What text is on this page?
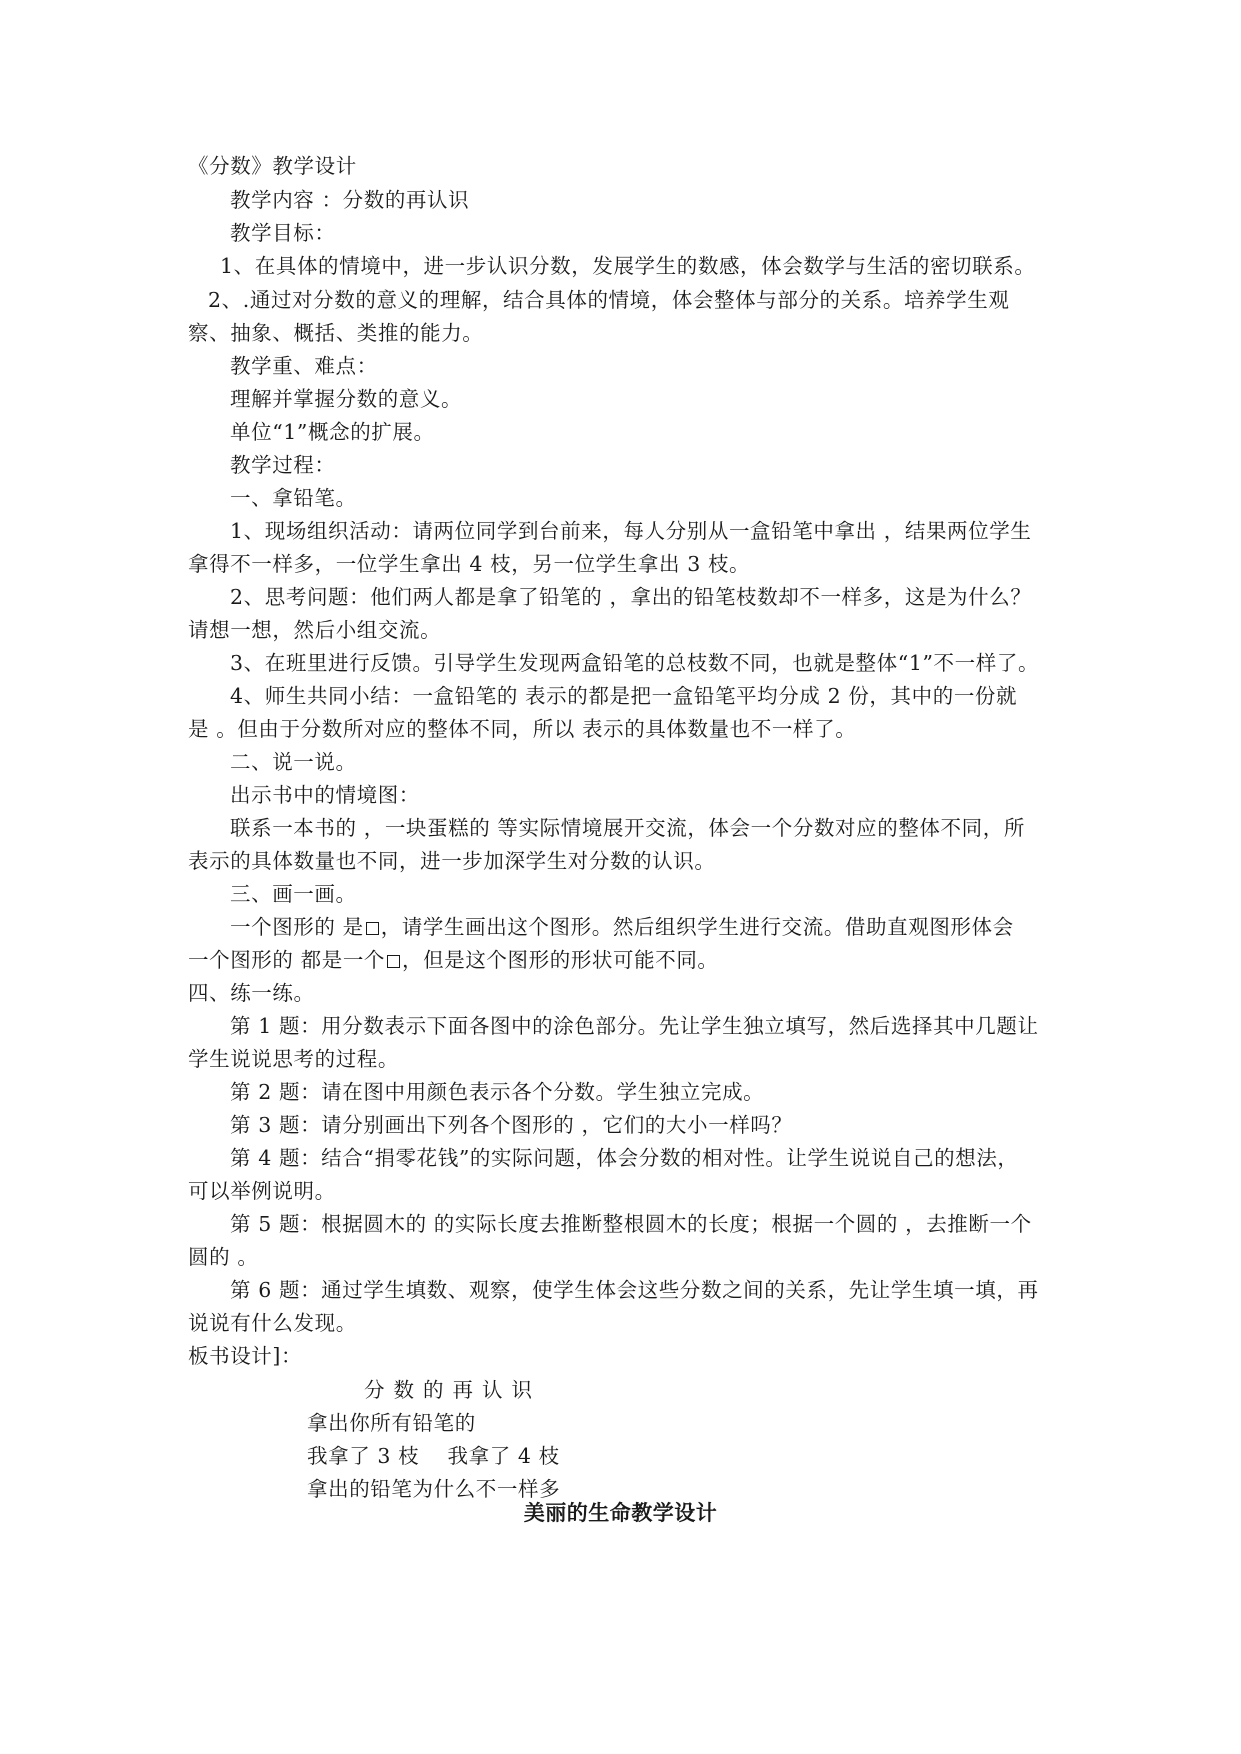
《分数》教学设计
教学内容 ：分数的再认识
教学目标：
1、在具体的情境中，进一步认识分数，发展学生的数感，体会数学与生活的密切联系。
2、.通过对分数的意义的理解，结合具体的情境，体会整体与部分的关系。培养学生观
察、抽象、概括、类推的能力。
教学重、难点：
理解并掌握分数的意义。
单位“1”概念的扩展。
教学过程：
一、拿铅笔。
1、现场组织活动：请两位同学到台前来，每人分别从一盒铅笔中拿出 ，结果两位学生
拿得不一样多，一位学生拿出 4 枝，另一位学生拿出 3 枝。
2、思考问题：他们两人都是拿了铅笔的 ，拿出的铅笔枝数却不一样多，这是为什么？
请想一想，然后小组交流。
3、在班里进行反馈。引导学生发现两盒铅笔的总枝数不同，也就是整体“1”不一样了。
4、师生共同小结：一盒铅笔的 表示的都是把一盒铅笔平均分成 2 份，其中的一份就
是 。但由于分数所对应的整体不同，所以 表示的具体数量也不一样了。
二、说一说。
出示书中的情境图：
联系一本书的 ，一块蛋糕的 等实际情境展开交流，体会一个分数对应的整体不同，所
表示的具体数量也不同，进一步加深学生对分数的认识。
三、画一画。
一个图形的 是 ，请学生画出这个图形。然后组织学生进行交流。借助直观图形体会
一个图形的 都是一个 ，但是这个图形的形状可能不同。
四、练一练。
第 1 题：用分数表示下面各图中的涂色部分。先让学生独立填写，然后选择其中几题让
学生说说思考的过程。
第 2 题：请在图中用颜色表示各个分数。学生独立完成。
第 3 题：请分别画出下列各个图形的 ，它们的大小一样吗？
第 4 题：结合“捐零花钱”的实际问题，体会分数的相对性。让学生说说自己的想法，
可以举例说明。
第 5 题：根据圆木的 的实际长度去推断整根圆木的长度；根据一个圆的 ，去推断一个
圆的 。
第 6 题：通过学生填数、观察，使学生体会这些分数之间的关系，先让学生填一填，再
说说有什么发现。
板书设计]：
分数的再认识
拿出你所有铅笔的
我拿了 3 枝　 我拿了 4 枝
拿出的铅笔为什么不一样多
美丽的生命教学设计
